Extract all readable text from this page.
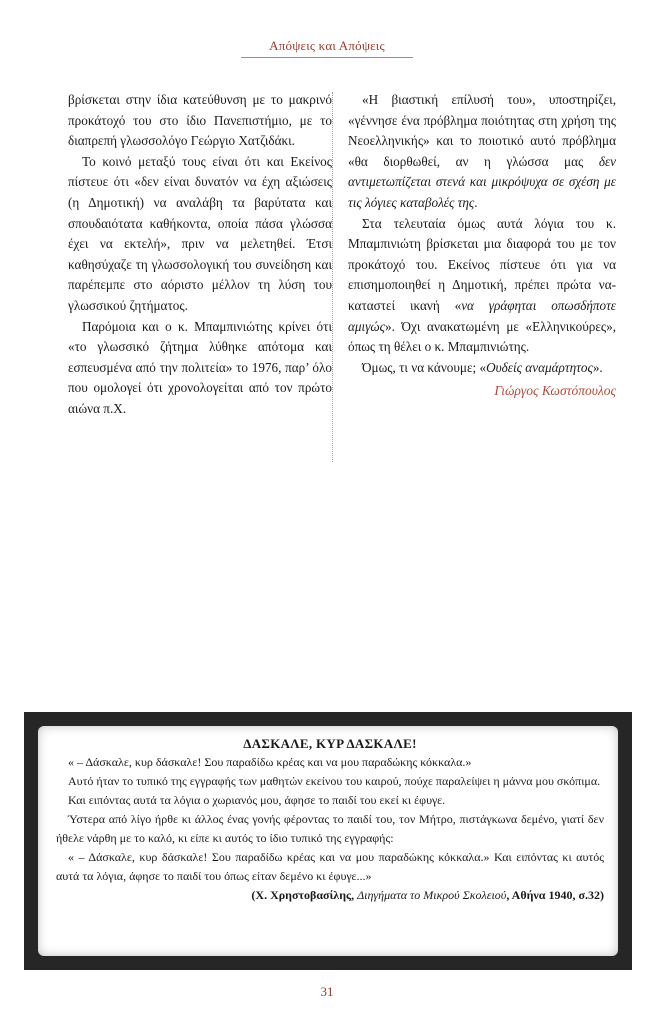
Απόψεις και Απόψεις

βρίσκεται στην ίδια κατεύθυνση με το μακρινό προκάτοχό του στο ίδιο Πανεπιστήμιο, με το διαπρεπή γλωσσολόγο Γεώργιο Χατζιδάκι.

Το κοινό μεταξύ τους είναι ότι και Εκείνος πίστευε ότι «δεν είναι δυνατόν να έχη αξιώσεις (η Δημοτική) να αναλάβη τα βαρύτατα και σπουδαιότατα καθήκοντα, οποία πάσα γλώσσα έχει να εκτελή», πριν να μελετηθεί. Έτσι καθησύχαζε τη γλωσσολογική του συνείδηση και παρέπεμπε στο αόριστο μέλλον τη λύση του γλωσσικού ζητήματος.

Παρόμοια και ο κ. Μπαμπινιώτης κρίνει ότι «το γλωσσικό ζήτημα λύθηκε απότομα και εσπευσμένα από την πολιτεία» το 1976, παρ’ όλο που ομολογεί ότι χρονολογείται από τον πρώτο αιώνα π.Χ.

«Η βιαστική επίλυσή του», υποστηρίζει, «γέννησε ένα πρόβλημα ποιότητας στη χρήση της Νεοελληνικής» και το ποιοτικό αυτό πρόβλημα «θα διορθωθεί, αν η γλώσσα μας δεν αντιμετωπίζεται στενά και μικρόψυχα σε σχέση με τις λόγιες καταβολές της.

Στα τελευταία όμως αυτά λόγια του κ. Μπαμπινιώτη βρίσκεται μια διαφορά του με τον προκάτοχό του. Εκείνος πίστευε ότι για να επισημοποιηθεί η Δημοτική, πρέπει πρώτα να-καταστεί ικανή «να γράφηται οπωσδήποτε αμιγώς». Όχι ανακατωμένη με «Ελληνικούρες», όπως τη θέλει ο κ. Μπαμπινιώτης.

Όμως, τι να κάνουμε; «Ουδείς αναμάρτητος».

Γιώργος Κωστόπουλος
ΔΑΣΚΑΛΕ, ΚΥΡ ΔΑΣΚΑΛΕ!

« – Δάσκαλε, κυρ δάσκαλε! Σου παραδίδω κρέας και να μου παραδώκης κόκκαλα.»

Αυτό ήταν το τυπικό της εγγραφής των μαθητών εκείνου του καιρού, πούχε παραλείψει η μάννα μου σκόπιμα.

Και ειπόντας αυτά τα λόγια ο χωριανός μου, άφησε το παιδί του εκεί κι έφυγε.

Ύστερα από λίγο ήρθε κι άλλος ένας γονής φέροντας το παιδί του, τον Μήτρο, πιστάγκωνα δεμένο, γιατί δεν ήθελε νάρθη με το καλό, κι είπε κι αυτός το ίδιο τυπικό της εγγραφής:

« – Δάσκαλε, κυρ δάσκαλε! Σου παραδίδω κρέας και να μου παραδώκης κόκκαλα.» Και ειπόντας κι αυτός αυτά τα λόγια, άφησε το παιδί του όπως είταν δεμένο κι έφυγε...»

(Χ. Χρηστοβασίλης, Διηγήματα το Μικρού Σκολειού, Αθήνα 1940, σ.32)
31
